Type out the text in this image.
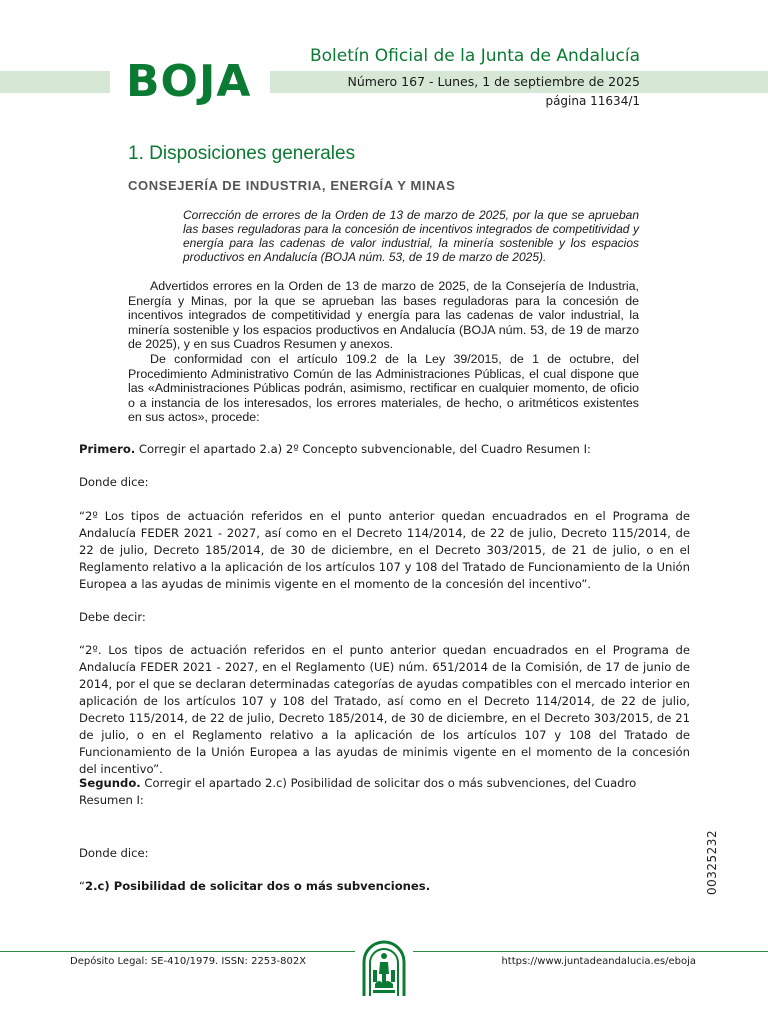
BOJA	Boletín Oficial de la Junta de Andalucía
Número 167 - Lunes, 1 de septiembre de 2025
página 11634/1
1. Disposiciones generales
CONSEJERÍA DE INDUSTRIA, ENERGÍA Y MINAS
Corrección de errores de la Orden de 13 de marzo de 2025, por la que se aprueban las bases reguladoras para la concesión de incentivos integrados de competitividad y energía para las cadenas de valor industrial, la minería sostenible y los espacios productivos en Andalucía (BOJA núm. 53, de 19 de marzo de 2025).

Advertidos errores en la Orden de 13 de marzo de 2025, de la Consejería de Industria, Energía y Minas, por la que se aprueban las bases reguladoras para la concesión de incentivos integrados de competitividad y energía para las cadenas de valor industrial, la minería sostenible y los espacios productivos en Andalucía (BOJA núm. 53, de 19 de marzo de 2025), y en sus Cuadros Resumen y anexos.

De conformidad con el artículo 109.2 de la Ley 39/2015, de 1 de octubre, del Procedimiento Administrativo Común de las Administraciones Públicas, el cual dispone que las «Administraciones Públicas podrán, asimismo, rectificar en cualquier momento, de oficio o a instancia de los interesados, los errores materiales, de hecho, o aritméticos existentes en sus actos», procede:

Primero. Corregir el apartado 2.a) 2º Concepto subvencionable, del Cuadro Resumen I:
Donde dice:
“2º Los tipos de actuación referidos en el punto anterior quedan encuadrados en el Programa de Andalucía FEDER 2021 - 2027, así como en el Decreto 114/2014, de 22 de julio, Decreto 115/2014, de 22 de julio, Decreto 185/2014, de 30 de diciembre, en el Decreto 303/2015, de 21 de julio, o en el Reglamento relativo a la aplicación de los artículos 107 y 108 del Tratado de Funcionamiento de la Unión Europea a las ayudas de minimis vigente en el momento de la concesión del incentivo”.
Debe decir:
“2º. Los tipos de actuación referidos en el punto anterior quedan encuadrados en el Programa de Andalucía FEDER 2021 - 2027, en el Reglamento (UE) núm. 651/2014 de la Comisión, de 17 de junio de 2014, por el que se declaran determinadas categorías de ayudas compatibles con el mercado interior en aplicación de los artículos 107 y 108 del Tratado, así como en el Decreto 114/2014, de 22 de julio, Decreto 115/2014, de 22 de julio, Decreto 185/2014, de 30 de diciembre, en el Decreto 303/2015, de 21 de julio, o en el Reglamento relativo a la aplicación de los artículos 107 y 108 del Tratado de Funcionamiento de la Unión Europea a las ayudas de minimis vigente en el momento de la concesión del incentivo”.
Segundo. Corregir el apartado 2.c) Posibilidad de solicitar dos o más subvenciones, del Cuadro Resumen I:
Donde dice:
“2.c) Posibilidad de solicitar dos o más subvenciones.	00325232
Depósito Legal: SE-410/1979. ISSN: 2253-802X	https://www.juntadeandalucia.es/eboja
